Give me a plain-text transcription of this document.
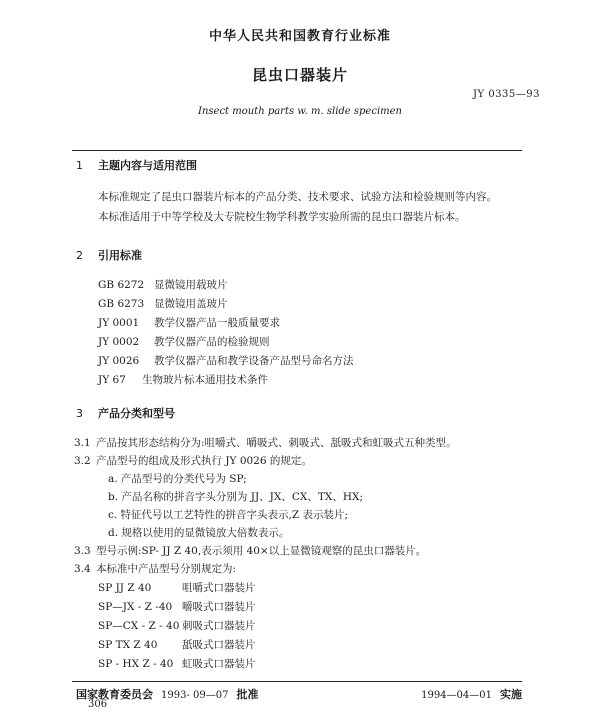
中华人民共和国教育行业标准
昆虫口器装片
JY 0335—93
Insect mouth parts w. m. slide specimen
1 主题内容与适用范围
本标准规定了昆虫口器装片标本的产品分类、技术要求、试验方法和检验规则等内容。
本标准适用于中等学校及大专院校生物学科教学实验所需的昆虫口器装片标本。
2 引用标准
GB 6272 显微镜用载玻片
GB 6273 显微镜用盖玻片
JY 0001 教学仪器产品一般质量要求
JY 0002 教学仪器产品的检验规则
JY 0026 教学仪器产品和教学设备产品型号命名方法
JY 67 生物玻片标本通用技术条件
3 产品分类和型号
3.1 产品按其形态结构分为:咀嚼式、嚼吸式、刺吸式、舐吸式和虹吸式五种类型。
3.2 产品型号的组成及形式执行 JY 0026 的规定。
a. 产品型号的分类代号为 SP;
b. 产品名称的拼音字头分别为 JJ、JX、CX、TX、HX;
c. 特征代号以工艺特性的拼音字头表示,Z 表示装片;
d. 规格以使用的显微镜放大倍数表示。
3.3 型号示例:SP- JJ Z 40,表示须用 40×以上显微镜观察的昆虫口器装片。
3.4 本标准中产品型号分别规定为:
SP JJ Z 40	咀嚼式口器装片
SP—JX - Z -40 嚼吸式口器装片
SP—CX - Z - 40 刺吸式口器装片
SP TX Z 40 舐吸式口器装片
SP - HX Z - 40 虹吸式口器装片
国家教育委员会 1993- 09—07 批准	1994—04—01 实施
306
